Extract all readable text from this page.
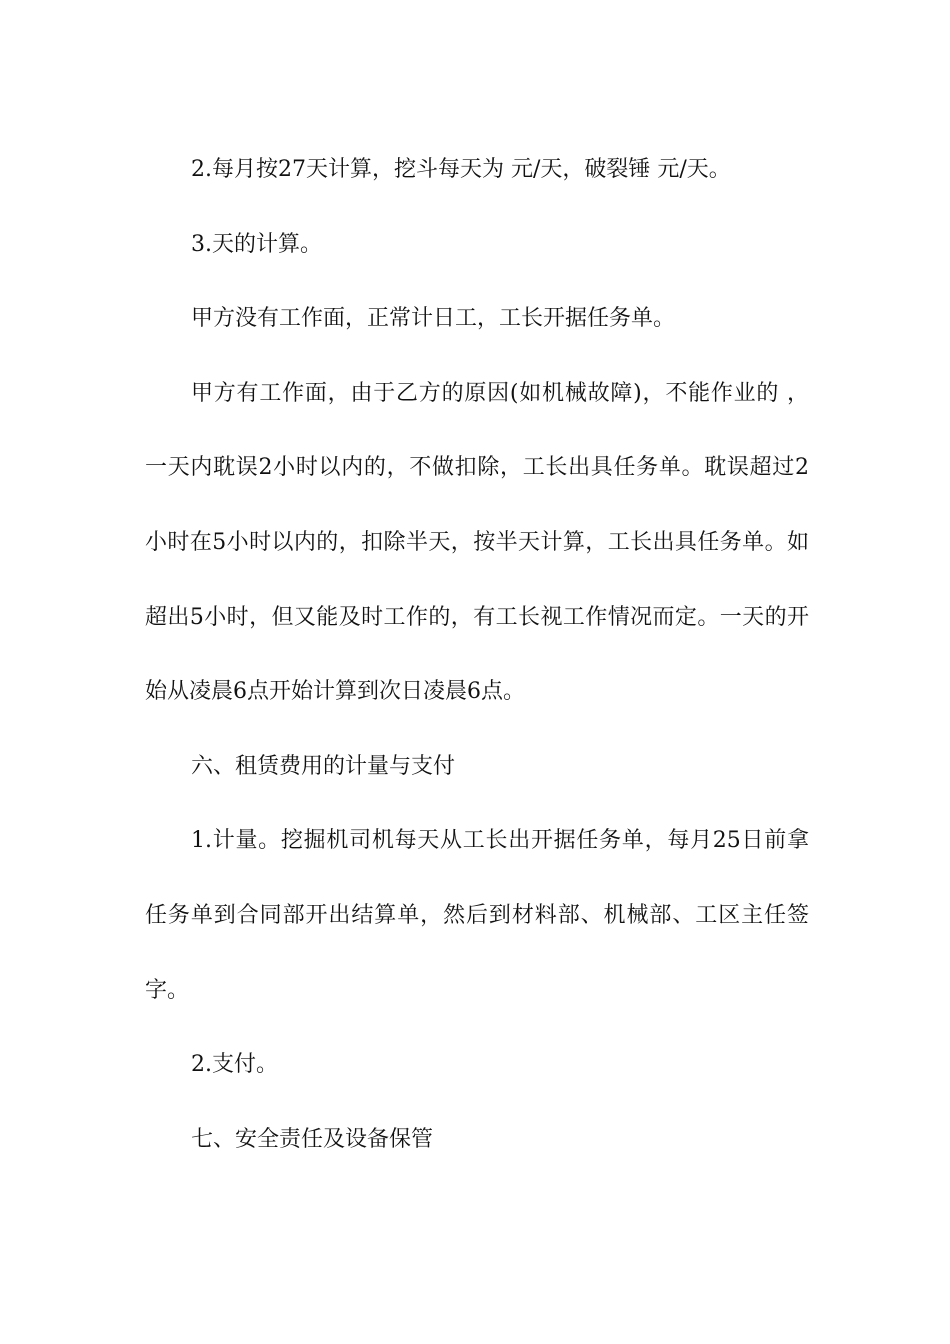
2.每月按27天计算，挖斗每天为 元/天，破裂锤 元/天。

3.天的计算。

甲方没有工作面，正常计日工，工长开据任务单。

甲方有工作面，由于乙方的原因(如机械故障)，不能作业的 ，一天内耽误2小时以内的，不做扣除，工长出具任务单。耽误超过2小时在5小时以内的，扣除半天，按半天计算，工长出具任务单。如超出5小时，但又能及时工作的，有工长视工作情况而定。一天的开始从凌晨6点开始计算到次日凌晨6点。

六、租赁费用的计量与支付

1.计量。挖掘机司机每天从工长出开据任务单，每月25日前拿任务单到合同部开出结算单，然后到材料部、机械部、工区主任签字。

2.支付。

七、安全责任及设备保管
